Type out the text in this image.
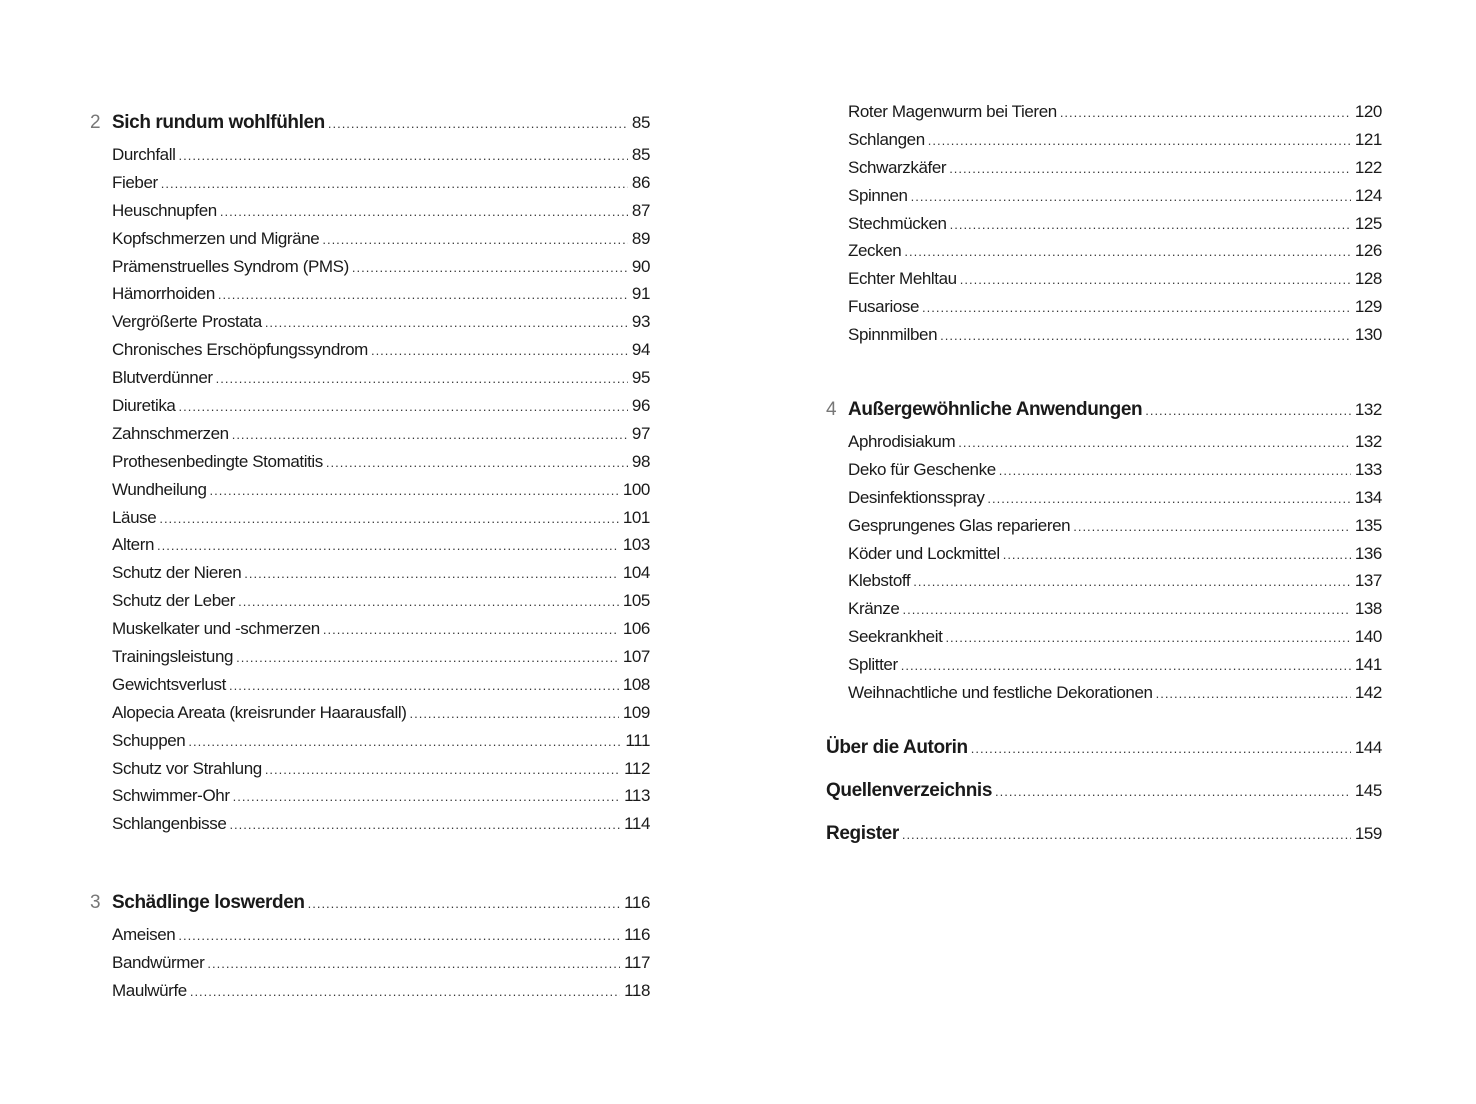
2 Sich rundum wohlfühlen .....	85
Durchfall .....	85
Fieber .....	86
Heuschnupfen .....	87
Kopfschmerzen und Migräne .....	89
Prämenstruelles Syndrom (PMS) .....	90
Hämorrhoiden .....	91
Vergrößerte Prostata .....	93
Chronisches Erschöpfungssyndrom .....	94
Blutverdünner .....	95
Diuretika .....	96
Zahnschmerzen .....	97
Prothesenbedingte Stomatitis .....	98
Wundheilung .....	100
Läuse .....	101
Altern .....	103
Schutz der Nieren .....	104
Schutz der Leber .....	105
Muskelkater und -schmerzen .....	106
Trainingsleistung .....	107
Gewichtsverlust .....	108
Alopecia Areata (kreisrunder Haarausfall) .....	109
Schuppen .....	111
Schutz vor Strahlung .....	112
Schwimmer-Ohr .....	113
Schlangenbisse .....	114
3 Schädlinge loswerden .....	116
Ameisen .....	116
Bandwürmer .....	117
Maulwürfe .....	118
Roter Magenwurm bei Tieren .....	120
Schlangen .....	121
Schwarzkäfer .....	122
Spinnen .....	124
Stechmücken .....	125
Zecken .....	126
Echter Mehltau .....	128
Fusariose .....	129
Spinnmilben .....	130
4 Außergewöhnliche Anwendungen .....	132
Aphrodisiakum .....	132
Deko für Geschenke .....	133
Desinfektionsspray .....	134
Gesprungenes Glas reparieren .....	135
Köder und Lockmittel .....	136
Klebstoff .....	137
Kränze .....	138
Seekrankheit .....	140
Splitter .....	141
Weihnachtliche und festliche Dekorationen .....	142
Über die Autorin .....	144
Quellenverzeichnis .....	145
Register .....	159
